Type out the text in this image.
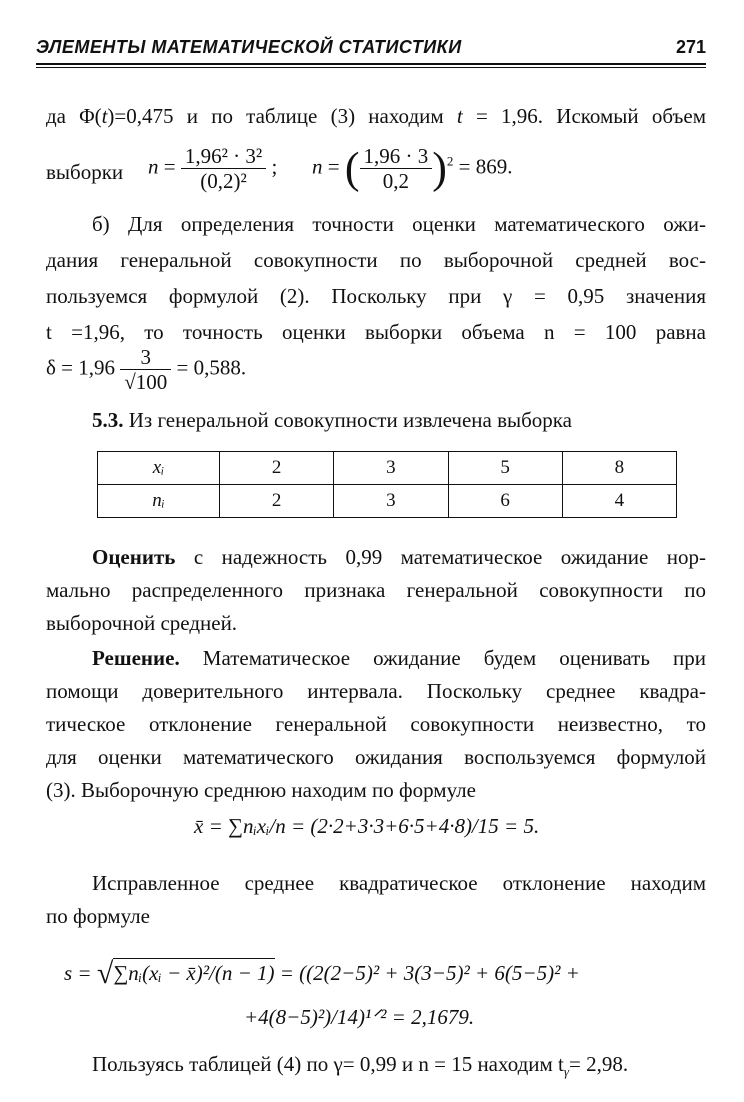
ЭЛЕМЕНТЫ МАТЕМАТИЧЕСКОЙ СТАТИСТИКИ	271
да Φ(t)=0,475 и по таблице (3) находим t = 1,96. Искомый объем
выборки $n = \frac{\text{1,96² · 3²}}{\text{(0,2)²}}$ ; n = ( $\frac{1,96 \cdot 3}{0,2} )^2 = 869$.
б) Для определения точности оценки математического ожи-
дания генеральной совокупности по выборочной средней вос-
пользуемся формулой (2). Поскольку при γ = 0,95 значения
t =1,96, то точность оценки выборки объема n = 100 равна
$\delta = 1,96 \frac{3}{√100} = 0,588$.
5.3. Из генеральной совокупности извлечена выборка
xᵢ	2	3	5	8
nᵢ	2	3	6	4
Оценить с надежность 0,99 математическое ожидание нор-
мально распределенного признака генеральной совокупности по
выборочной средней.
Решение. Математическое ожидание будем оценивать при
помощи доверительного интервала. Поскольку среднее квадра-
тическое отклонение генеральной совокупности неизвестно, то
для оценки математического ожидания воспользуемся формулой
(3). Выборочную среднюю находим по формуле
x̄ = ∑nᵢxᵢ/n = (2·2+3·3+6·5+4·8)/15 = 5.
Исправленное среднее квадратическое отклонение находим
по формуле
s = √∑nᵢ(xᵢ − x̄)²/(n − 1) = ((2(2−5)² + 3(3−5)² + 6(5−5)² +
+4(8−5)²)/14)¹ᐟ² = 2,1679.
Пользуясь таблицей (4) по γ= 0,99 и n = 15 находим $t_\gamma= 2,98$.
